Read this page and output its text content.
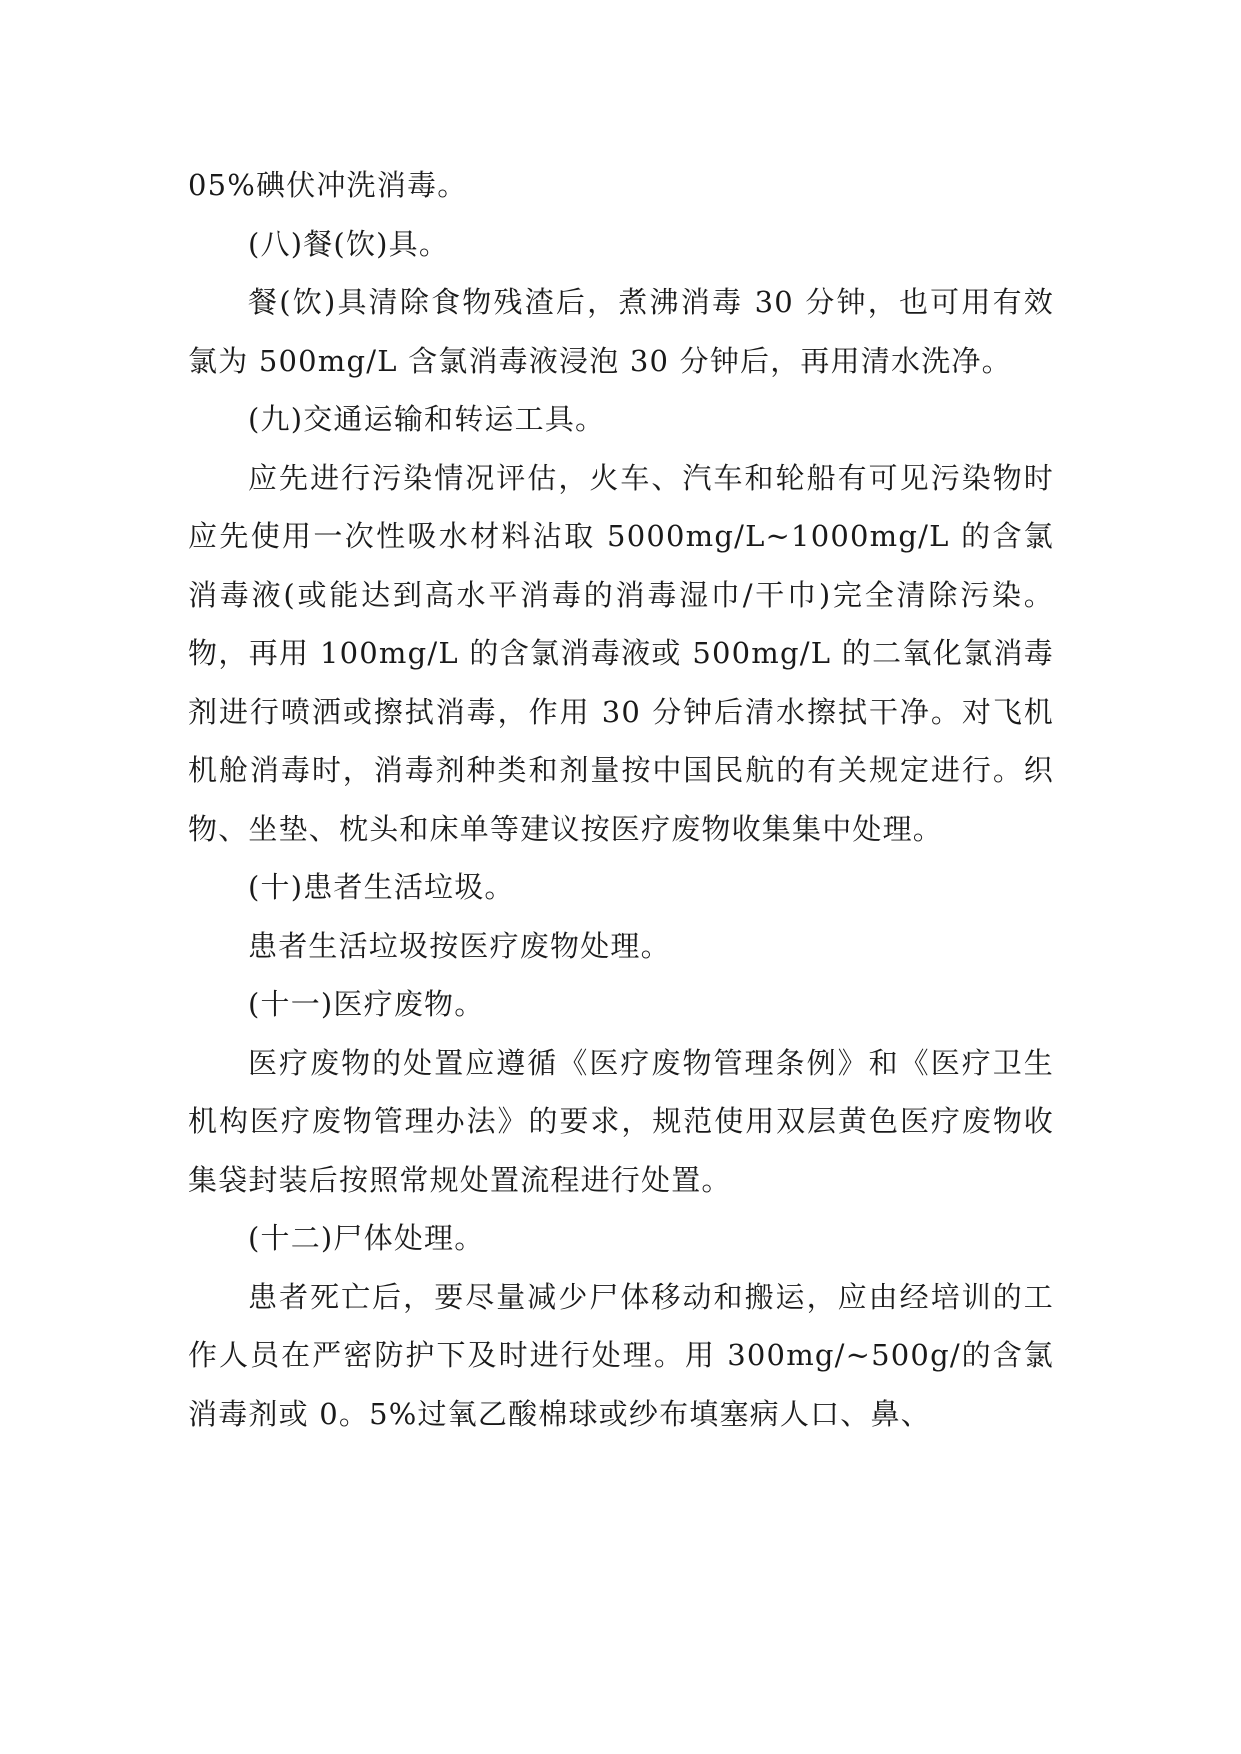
05%碘伏冲洗消毒。

(八)餐(饮)具。

餐(饮)具清除食物残渣后，煮沸消毒 30 分钟，也可用有效氯为 500mg/L 含氯消毒液浸泡 30 分钟后，再用清水洗净。

(九)交通运输和转运工具。

应先进行污染情况评估，火车、汽车和轮船有可见污染物时应先使用一次性吸水材料沾取 5000mg/L~1000mg/L 的含氯消毒液(或能达到高水平消毒的消毒湿巾/干巾)完全清除污染。物，再用 100mg/L 的含氯消毒液或 500mg/L 的二氧化氯消毒剂进行喷洒或擦拭消毒，作用 30 分钟后清水擦拭干净。对飞机机舱消毒时，消毒剂种类和剂量按中国民航的有关规定进行。织物、坐垫、枕头和床单等建议按医疗废物收集集中处理。

(十)患者生活垃圾。

患者生活垃圾按医疗废物处理。

(十一)医疗废物。

医疗废物的处置应遵循《医疗废物管理条例》和《医疗卫生机构医疗废物管理办法》的要求，规范使用双层黄色医疗废物收集袋封装后按照常规处置流程进行处置。

(十二)尸体处理。

患者死亡后，要尽量减少尸体移动和搬运，应由经培训的工作人员在严密防护下及时进行处理。用 300mg/~500g/的含氯消毒剂或 0。5%过氧乙酸棉球或纱布填塞病人口、鼻、
